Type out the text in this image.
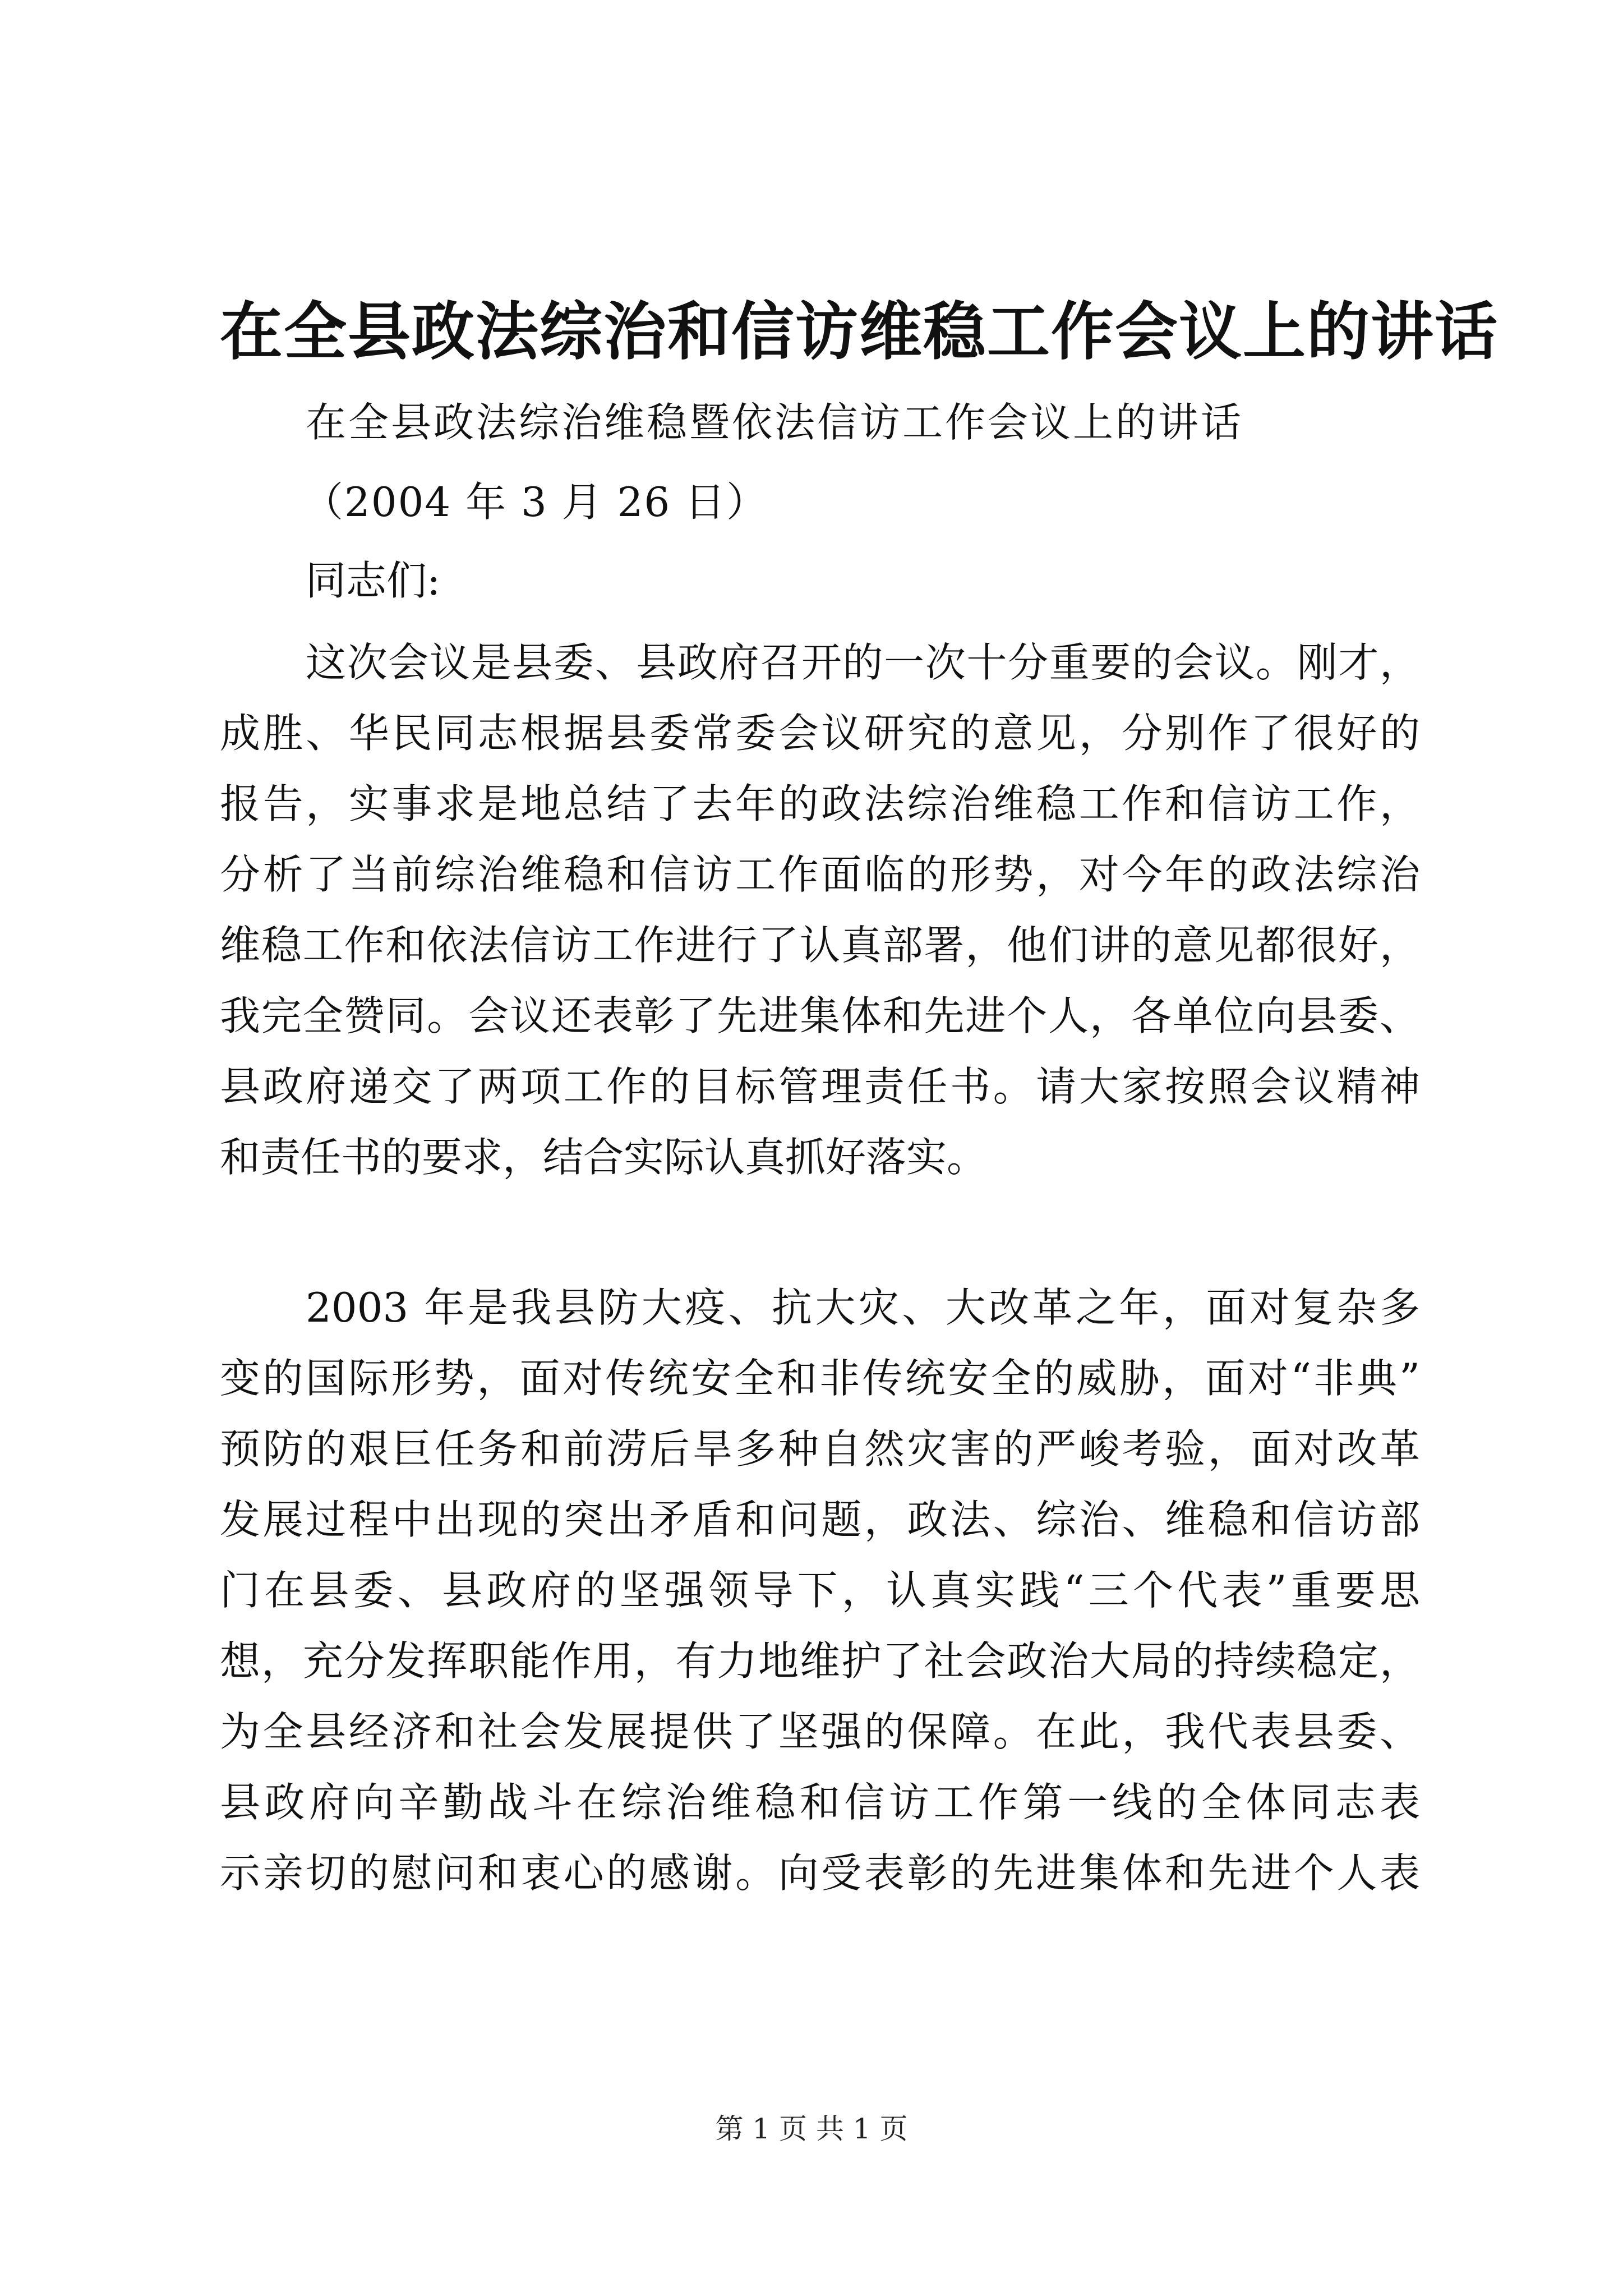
在全县政法综治和信访维稳工作会议上的讲话
在全县政法综治维稳暨依法信访工作会议上的讲话
（2004 年 3 月 26 日）
同志们:
这次会议是县委、县政府召开的一次十分重要的会议。刚才，
成胜、华民同志根据县委常委会议研究的意见，分别作了很好的
报告，实事求是地总结了去年的政法综治维稳工作和信访工作，
分析了当前综治维稳和信访工作面临的形势，对今年的政法综治
维稳工作和依法信访工作进行了认真部署，他们讲的意见都很好，
我完全赞同。会议还表彰了先进集体和先进个人，各单位向县委、
县政府递交了两项工作的目标管理责任书。请大家按照会议精神
和责任书的要求，结合实际认真抓好落实。
2003 年是我县防大疫、抗大灾、大改革之年，面对复杂多
变的国际形势，面对传统安全和非传统安全的威胁，面对“非典”
预防的艰巨任务和前涝后旱多种自然灾害的严峻考验，面对改革
发展过程中出现的突出矛盾和问题，政法、综治、维稳和信访部
门在县委、县政府的坚强领导下，认真实践“三个代表”重要思
想，充分发挥职能作用，有力地维护了社会政治大局的持续稳定，
为全县经济和社会发展提供了坚强的保障。在此，我代表县委、
县政府向辛勤战斗在综治维稳和信访工作第一线的全体同志表
示亲切的慰问和衷心的感谢。向受表彰的先进集体和先进个人表
第 1 页 共 1 页
